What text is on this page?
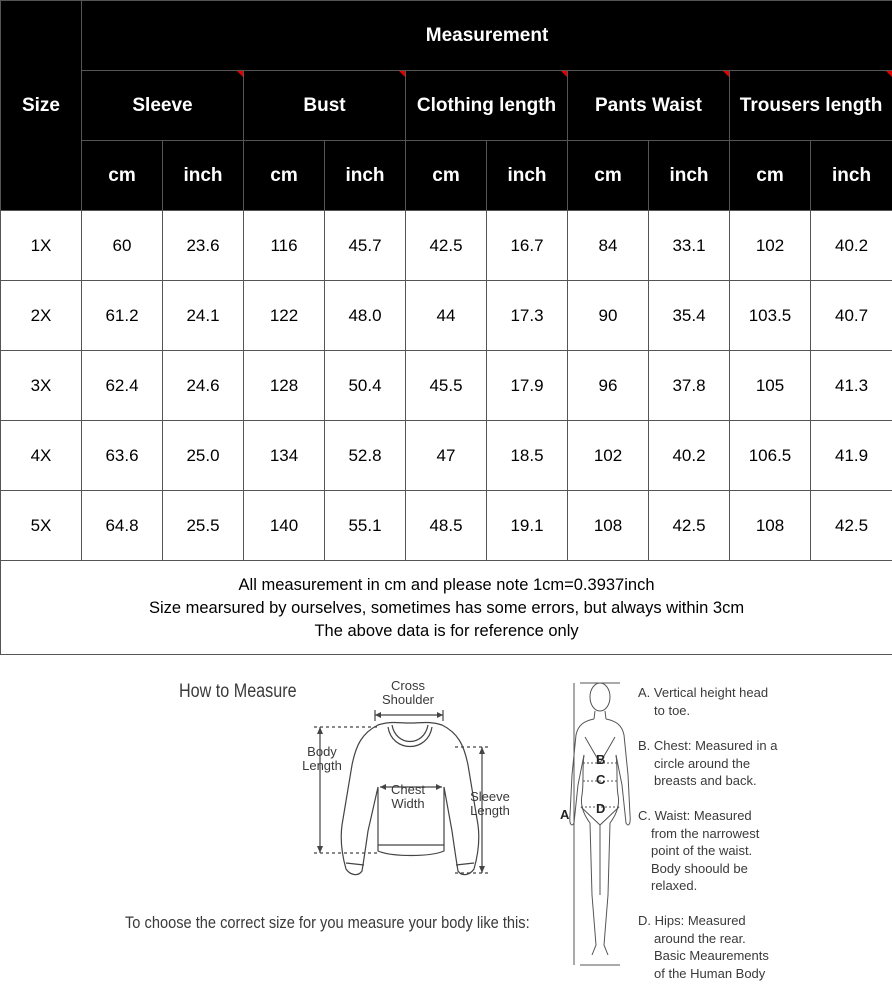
Size	Measurement									
	Sleeve		Bust		Clothing length		Pants Waist		Trousers length	

	cm	inch	cm	inch	cm	inch	cm	inch	cm	inch
1X	60	23.6	116	45.7	42.5	16.7	84	33.1	102	40.2
2X	61.2	24.1	122	48.0	44	17.3	90	35.4	103.5	40.7
3X	62.4	24.6	128	50.4	45.5	17.9	96	37.8	105	41.3
4X	63.6	25.0	134	52.8	47	18.5	102	40.2	106.5	41.9
5X	64.8	25.5	140	55.1	48.5	19.1	108	42.5	108	42.5

All measurement in cm and please note 1cm=0.3937inch
Size mearsured by ourselves, sometimes has some errors, but always within 3cm
The above data is for reference only										
How to Measure	Cross
Shoulder
Body
Length
Chest
Width	Sleeve
Length
To choose the correct size for you measure your body like this:
A
B
C
D
A. Vertical height head
to toe.
B. Chest: Measured in a
circle around the
breasts and back.
C. Waist: Measured
from the narrowest
point of the waist.
Body shoould be
relaxed.
D. Hips: Measured
around the rear.
Basic Meaurements
of the Human Body
